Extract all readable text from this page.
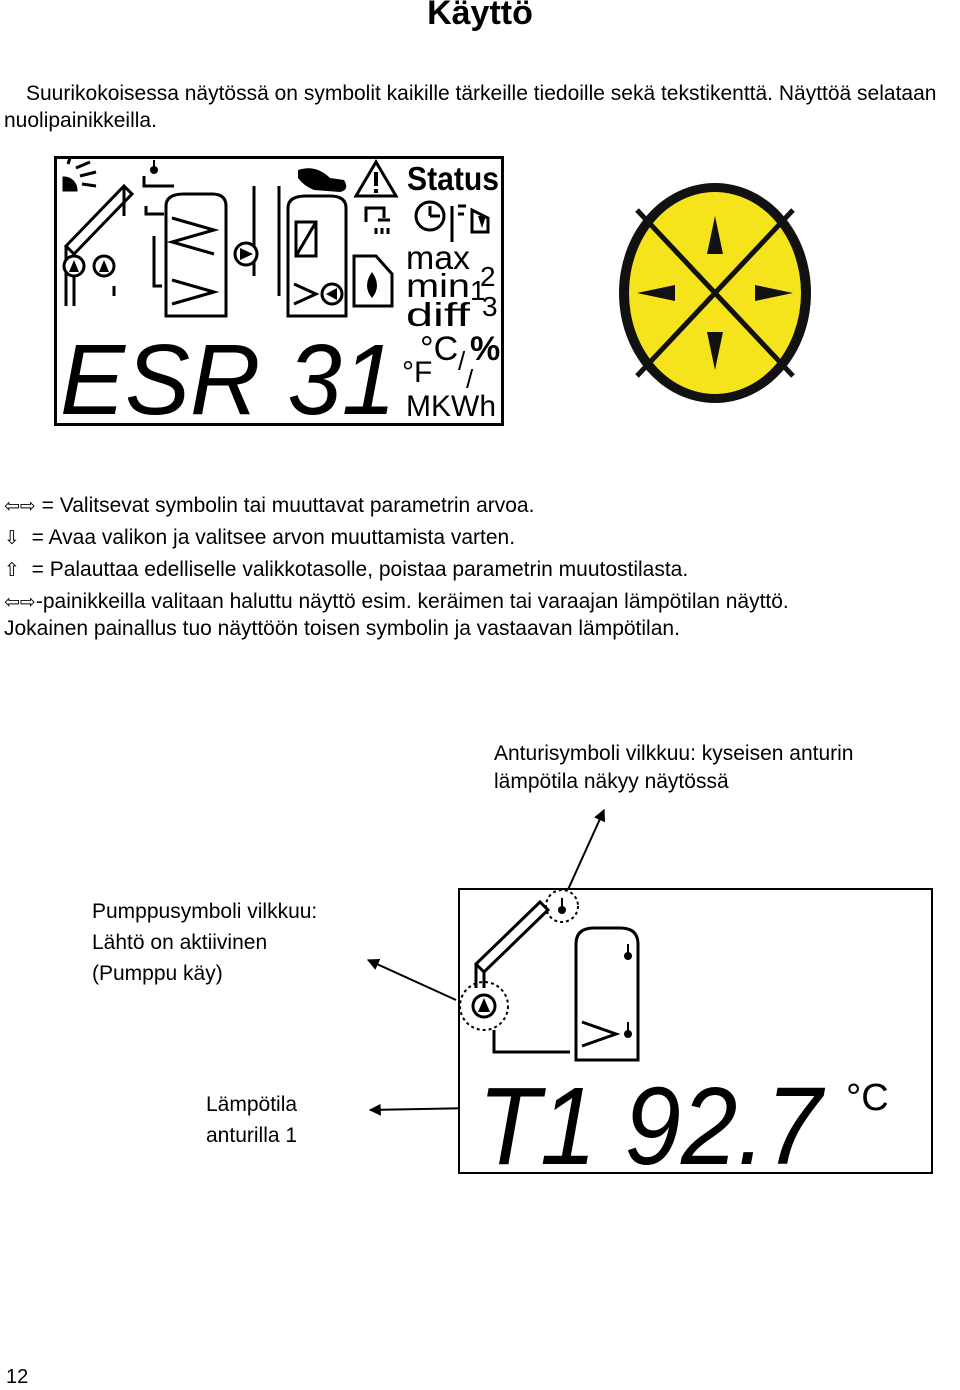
Käyttö
Suurikokoisessa näytössä on symbolit kaikille tärkeille tiedoille sekä tekstikenttä. Näyttöä selataan nuolipainikkeilla.
Status
max
min
diff
2
1
3
°C / %
°F /
MKWh
ESR 31
⇦⇨ = Valitsevat symbolin tai muuttavat parametrin arvoa.
⇩  = Avaa valikon ja valitsee arvon muuttamista varten.
⇧  = Palauttaa edelliselle valikkotasolle, poistaa parametrin muutostilasta.
⇦⇨-painikkeilla valitaan haluttu näyttö esim. keräimen tai varaajan lämpötilan näyttö.
Jokainen painallus tuo näyttöön toisen symbolin ja vastaavan lämpötilan.
Anturisymboli vilkkuu: kyseisen anturin
lämpötila näkyy näytössä
Pumppusymboli vilkkuu:
Lähtö on aktiivinen
(Pumppu käy)
Lämpötila
anturilla 1 T1 92.7 °C
12
